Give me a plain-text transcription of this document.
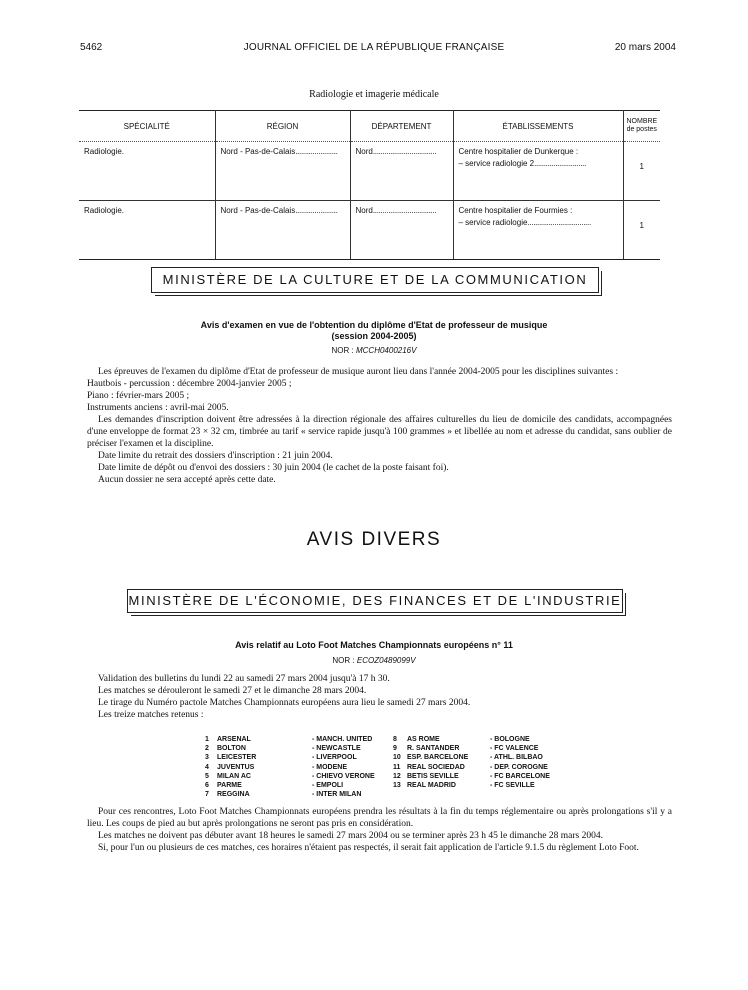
5462	JOURNAL OFFICIEL DE LA RÉPUBLIQUE FRANÇAISE	20 mars 2004
Radiologie et imagerie médicale
SPÉCIALITÉ	RÉGION	DÉPARTEMENT	ÉTABLISSEMENTS	NOMBRE de postes
Radiologie.	Nord - Pas-de-Calais......................	Nord.................................	Centre hospitalier de Dunkerque :
– service radiologie 2...........................	1
Radiologie.	Nord - Pas-de-Calais......................	Nord.................................	Centre hospitalier de Fourmies :
– service radiologie.................................	1
MINISTÈRE DE LA CULTURE ET DE LA COMMUNICATION
Avis d'examen en vue de l'obtention du diplôme d'Etat de professeur de musique
(session 2004-2005)
NOR : MCCH0400216V

Les épreuves de l'examen du diplôme d'Etat de professeur de musique auront lieu dans l'année 2004-2005 pour les disciplines suivantes :

Hautbois - percussion : décembre 2004-janvier 2005 ;

Piano : février-mars 2005 ;

Instruments anciens : avril-mai 2005.

Les demandes d'inscription doivent être adressées à la direction régionale des affaires culturelles du lieu de domicile des candidats, accompagnées d'une enveloppe de format 23 × 32 cm, timbrée au tarif « service rapide jusqu'à 100 grammes » et libellée au nom et adresse du candidat, sans oublier de préciser l'examen et la discipline.

Date limite du retrait des dossiers d'inscription : 21 juin 2004.

Date limite de dépôt ou d'envoi des dossiers : 30 juin 2004 (le cachet de la poste faisant foi).

Aucun dossier ne sera accepté après cette date.

AVIS DIVERS
MINISTÈRE DE L'ÉCONOMIE, DES FINANCES ET DE L'INDUSTRIE
Avis relatif au Loto Foot Matches Championnats européens n° 11
NOR : ECOZ0489099V

Validation des bulletins du lundi 22 au samedi 27 mars 2004 jusqu'à 17 h 30.

Les matches se dérouleront le samedi 27 et le dimanche 28 mars 2004.

Le tirage du Numéro pactole Matches Championnats européens aura lieu le samedi 27 mars 2004.

Les treize matches retenus :

1 ARSENAL	- MANCH. UNITED	8 AS ROME	- BOLOGNE
2 BOLTON	- NEWCASTLE	9 R. SANTANDER	- FC VALENCE
3 LEICESTER	- LIVERPOOL	10 ESP. BARCELONE	- ATHL. BILBAO
4 JUVENTUS	- MODENE	11 REAL SOCIEDAD	- DEP. COROGNE
5 MILAN AC	- CHIEVO VERONE	12 BETIS SEVILLE	- FC BARCELONE
6 PARME	- EMPOLI	13 REAL MADRID	- FC SEVILLE
7 REGGINA	- INTER MILAN

Pour ces rencontres, Loto Foot Matches Championnats européens prendra les résultats à la fin du temps réglementaire ou après prolongations s'il y a lieu. Les coups de pied au but après prolongations ne seront pas pris en considération.

Les matches ne doivent pas débuter avant 18 heures le samedi 27 mars 2004 ou se terminer après 23 h 45 le dimanche 28 mars 2004.

Si, pour l'un ou plusieurs de ces matches, ces horaires n'étaient pas respectés, il serait fait application de l'article 9.1.5 du règlement Loto Foot.
